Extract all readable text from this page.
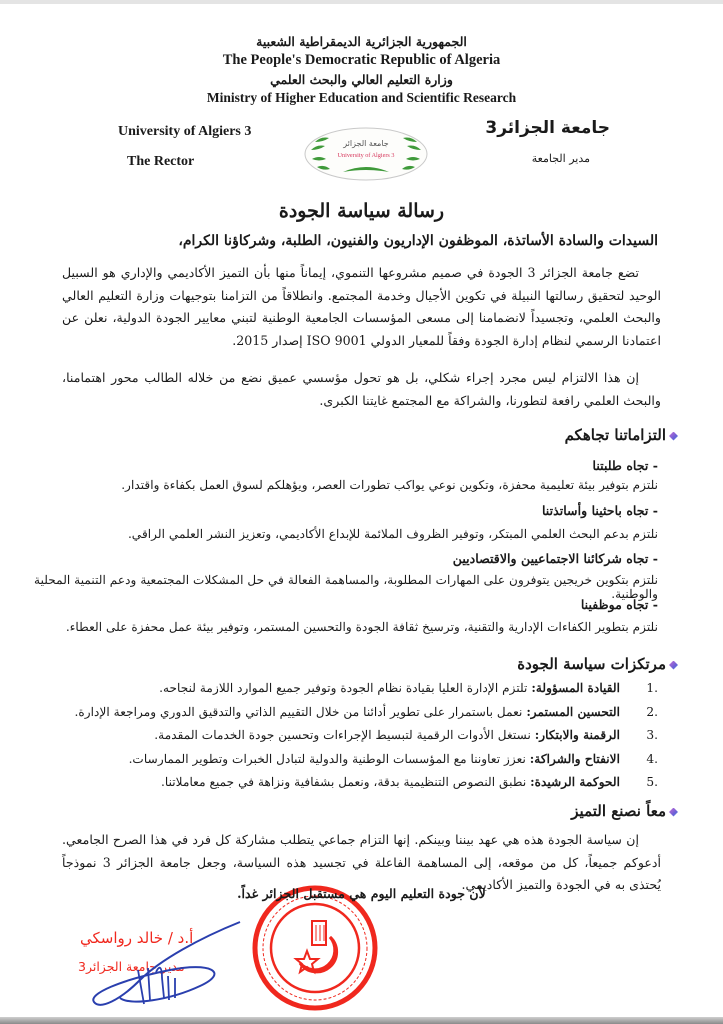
الجمهورية الجزائرية الديمقراطية الشعبية
The People's Democratic Republic of Algeria
وزارة التعليم العالي والبحث العلمي
Ministry of Higher Education and Scientific Research
University of Algiers 3
The Rector
جامعة الجزائر3
مدير الجامعة
جامعة الجزائر
University of Algiers 3
رسالة سياسة الجودة
السيدات والسادة الأساتذة، الموظفون الإداريون والفنيون، الطلبة، وشركاؤنا الكرام،
تضع جامعة الجزائر 3 الجودة في صميم مشروعها التنموي، إيماناً منها بأن التميز الأكاديمي والإداري هو السبيل الوحيد لتحقيق رسالتها النبيلة في تكوين الأجيال وخدمة المجتمع. وانطلاقاً من التزامنا بتوجيهات وزارة التعليم العالي والبحث العلمي، وتجسيداً لانضمامنا إلى مسعى المؤسسات الجامعية الوطنية لتبني معايير الجودة الدولية، نعلن عن اعتمادنا الرسمي لنظام إدارة الجودة وفقاً للمعيار الدولي ISO 9001 إصدار 2015.
إن هذا الالتزام ليس مجرد إجراء شكلي، بل هو تحول مؤسسي عميق نضع من خلاله الطالب محور اهتمامنا، والبحث العلمي رافعة لتطورنا، والشراكة مع المجتمع غايتنا الكبرى.
التزاماتنا تجاهكم
- تجاه طلبتنا
نلتزم بتوفير بيئة تعليمية محفزة، وتكوين نوعي يواكب تطورات العصر، ويؤهلكم لسوق العمل بكفاءة واقتدار.
- تجاه باحثينا وأساتذتنا
نلتزم بدعم البحث العلمي المبتكر، وتوفير الظروف الملائمة للإبداع الأكاديمي، وتعزيز النشر العلمي الراقي.
- تجاه شركائنا الاجتماعيين والاقتصاديين
نلتزم بتكوين خريجين يتوفرون على المهارات المطلوبة، والمساهمة الفعالة في حل المشكلات المجتمعية ودعم التنمية المحلية والوطنية.
- تجاه موظفينا
نلتزم بتطوير الكفاءات الإدارية والتقنية، وترسيخ ثقافة الجودة والتحسين المستمر، وتوفير بيئة عمل محفزة على العطاء.
مرتكزات سياسة الجودة
.1القيادة المسؤولة: تلتزم الإدارة العليا بقيادة نظام الجودة وتوفير جميع الموارد اللازمة لنجاحه.
.2التحسين المستمر: نعمل باستمرار على تطوير أدائنا من خلال التقييم الذاتي والتدقيق الدوري ومراجعة الإدارة.
.3الرقمنة والابتكار: نستغل الأدوات الرقمية لتبسيط الإجراءات وتحسين جودة الخدمات المقدمة.
.4الانفتاح والشراكة: نعزز تعاوننا مع المؤسسات الوطنية والدولية لتبادل الخبرات وتطوير الممارسات.
.5الحوكمة الرشيدة: نطبق النصوص التنظيمية بدقة، ونعمل بشفافية ونزاهة في جميع معاملاتنا.
معاً نصنع التميز
إن سياسة الجودة هذه هي عهد بيننا وبينكم. إنها التزام جماعي يتطلب مشاركة كل فرد في هذا الصرح الجامعي. أدعوكم جميعاً، كل من موقعه، إلى المساهمة الفاعلة في تجسيد هذه السياسة، وجعل جامعة الجزائر 3 نموذجاً يُحتذى به في الجودة والتميز الأكاديمي.
لأن جودة التعليم اليوم هي مستقبل الجزائر غداً.
أ.د / خالد رواسكي
مدير جامعة الجزائر3
